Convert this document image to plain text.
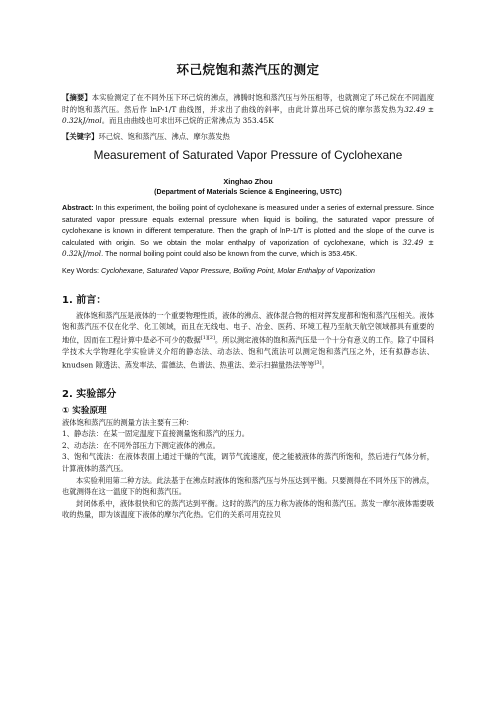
环己烷饱和蒸汽压的测定

【摘要】本实验测定了在不同外压下环己烷的沸点，沸腾时饱和蒸汽压与外压相等，也就测定了环己烷在不同温度时的饱和蒸汽压。然后作 lnP-1/T 曲线图，并求出了曲线的斜率，由此计算出环己烷的摩尔蒸发热为32.49 ± 0.32kJ/mol。而且由曲线也可求出环己烷的正常沸点为 353.45K

【关键字】环己烷、饱和蒸汽压、沸点、摩尔蒸发热

Measurement of Saturated Vapor Pressure of Cyclohexane

Xinghao Zhou

(Department of Materials Science & Engineering, USTC)

Abstract: In this experiment, the boiling point of cyclohexane is measured under a series of external pressure. Since saturated vapor pressure equals external pressure when liquid is boiling, the saturated vapor pressure of cyclohexane is known in different temperature. Then the graph of lnP-1/T is plotted and the slope of the curve is calculated with origin. So we obtain the molar enthalpy of vaporization of cyclohexane, which is 32.49 ± 0.32kJ/mol. The normal boiling point could also be known from the curve, which is 353.45K.

Key Words: Cyclohexane, Saturated Vapor Pressure, Boiling Point, Molar Enthalpy of Vaporization

1. 前言：

液体饱和蒸汽压是液体的一个重要物理性质，液体的沸点、液体混合物的相对挥发度都和饱和蒸汽压相关。液体饱和蒸汽压不仅在化学、化工领域，而且在无线电、电子、冶金、医药、环境工程乃至航天航空领域都具有重要的地位，因而在工程计算中是必不可少的数据[1][2]。所以测定液体的饱和蒸汽压是一个十分有意义的工作。除了中国科学技术大学物理化学实验讲义介绍的静态法、动态法、饱和气流法可以测定饱和蒸汽压之外，还有拟静态法、knudsen 隙透法、蒸发率法、雷德法、色谱法、热重法、差示扫描量热法等等[3]。

2. 实验部分
① 实验原理

液体饱和蒸汽压的测量方法主要有三种：

1、静态法：在某一固定温度下直接测量饱和蒸汽的压力。

2、动态法：在不同外部压力下测定液体的沸点。

3、饱和气流法：在液体表面上通过干燥的气流，调节气流速度，使之能被液体的蒸汽所饱和，然后进行气体分析，计算液体的蒸汽压。

本实验利用第二种方法。此法基于在沸点时液体的饱和蒸汽压与外压达到平衡。只要测得在不同外压下的沸点，也就测得在这一温度下的饱和蒸汽压。

封闭体系中，液体很快和它的蒸汽达到平衡。这时的蒸汽的压力称为液体的饱和蒸汽压。蒸发一摩尔液体需要吸收的热量，即为该温度下液体的摩尔汽化热。它们的关系可用克拉贝
